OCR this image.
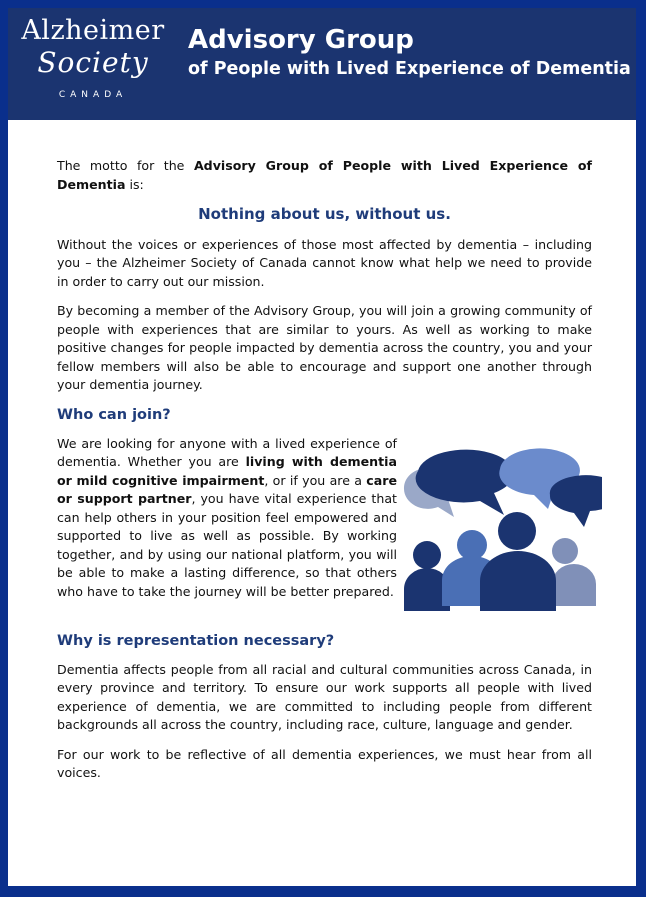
Alzheimer
Society
CANADA
Advisory Group
of People with Lived Experience of Dementia

The motto for the Advisory Group of People with Lived Experience of Dementia is:

Nothing about us, without us.

Without the voices or experiences of those most affected by dementia – including you – the Alzheimer Society of Canada cannot know what help we need to provide in order to carry out our mission.

By becoming a member of the Advisory Group, you will join a growing community of people with experiences that are similar to yours. As well as working to make positive changes for people impacted by dementia across the country, you and your fellow members will also be able to encourage and support one another through your dementia journey.

Who can join?

We are looking for anyone with a lived experience of dementia. Whether you are living with dementia or mild cognitive impairment, or if you are a care or support partner, you have vital experience that can help others in your position feel empowered and supported to live as well as possible. By working together, and by using our national platform, you will be able to make a lasting difference, so that others who have to take the journey will be better prepared.

Why is representation necessary?

Dementia affects people from all racial and cultural communities across Canada, in every province and territory. To ensure our work supports all people with lived experience of dementia, we are committed to including people from different backgrounds all across the country, including race, culture, language and gender.

For our work to be reflective of all dementia experiences, we must hear from all voices.
